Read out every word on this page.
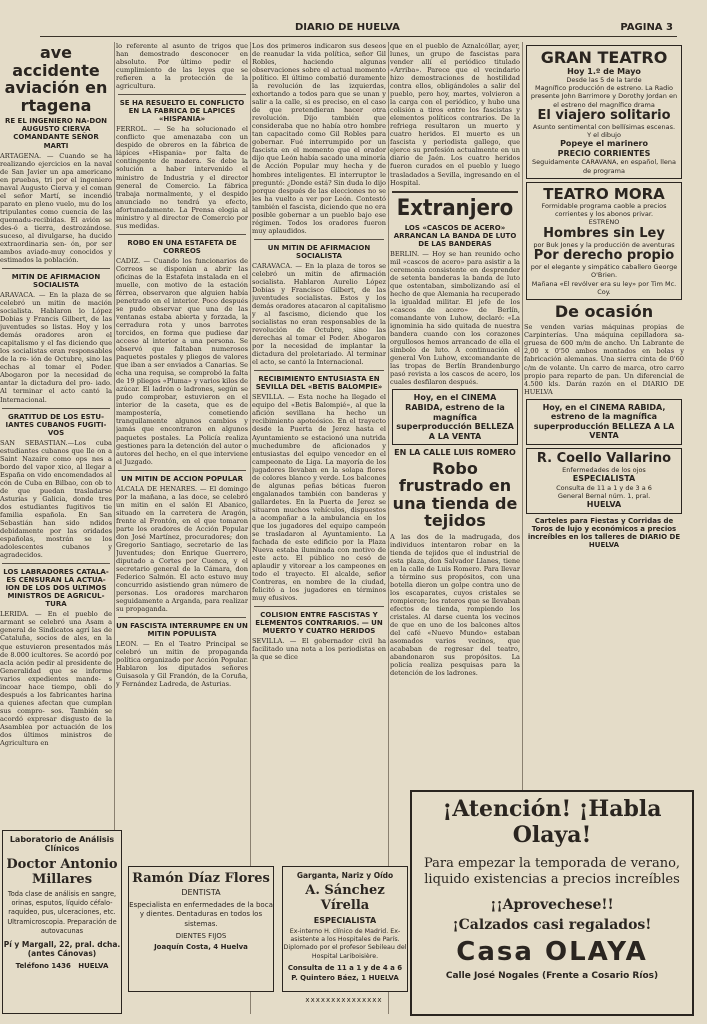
DIARIO DE HUELVA	PAGINA 3
ave accidente aviación en rtagena
RE EL INGENIERO NA-DON AUGUSTO CIERVA COMANDANTE SEÑOR MARTI

ARTAGENA. — Cuando se ha realizando ejercicios en la naval de San Javier un apa americano en pruebas, tri por el ingeniero naval Augusto Cierva y el coman el señor Martí, se incendió parato en pleno vuelo, mu do los tripulantes como cuencia de las quemadu-recibidas. El avión se des-ó a tierra, destrozándose. suceso, al divulgarse, ha ducido extraordinaria sen- ón, por ser ambos aviado-muy conocidos y estimados la población.

MITIN DE AFIRMACION SOCIALISTA

ARAVACA. — En la plaza de se celebró un mitin de mación socialista. Hablaron lo López Dobias y Francis Gilbert, de las juventudes so listas. Hoy y los demás oradores aron el capitalismo y el fas diciendo que los socialistas eran responsables de la re- ión de Octubre, sino las echas al tomar el Poder. Abogaron por la necesidad de antar la dictadura del pro- iado. Al terminar el acto cantó la Internacional.

GRATITUD DE LOS ESTU-IANTES CUBANOS FUGITI-VOS

SAN SEBASTIAN.—Los cuba estudiantes cubanos que lle on a Saint Nazaire como ops nes a bordo del vapor xico, al llegar a España on vido encomendados al cón de Cuba en Bilbao, con ob to de que puedan trasladarse Asturias y Galicia, donde tres dos estudiantes fugitivos tie familia española. En San Sebastián han sido ndidos debidamente por las oridades españolas, mostrán se los adolescentes cubanos y agradecidos.

LOS LABRADORES CATALA-ES CENSURAN LA ACTUA-ION DE LOS DOS ULTIMOS MINISTROS DE AGRICUL-TURA

LERIDA. — En el pueblo de armant se celebró una Asam a general de Sindicatos agrí las de Cataluña, socios de ales, en la que estuvieron presentados más de 8.000 icultores. Se acordó por acla ación pedir al presidente de Generalidad que se informe varios expedientes mande- s incoar hace tiempo, obli do después a los fabricantes harina a quienes afectan que cumplan sus compro- sos. También se acordó expresar disgusto de la Asamblea por actuación de los dos últimos ministros de Agricultura en

lo referente al asunto de trigos que han demostrado desconocer en absoluto. Por último pedir el cumplimiento de las leyes que se refieren a la protección de la agricultura.

SE HA RESUELTO EL CONFLICTO EN LA FABRICA DE LAPICES «HISPANIA»

FERROL. — Se ha solucionado el conflicto que amenazaba con un despido de obreros en la fábrica de lápices «Hispania» por falta de contingente de madera. Se debe la solución a haber intervenido el ministro de Industria y el director general de Comercio. La fábrica trabaja normalmente, y el despido anunciado no tendrá ya efecto, afortunadamente. La Prensa elogia al ministro y al director de Comercio por sus medidas.

ROBO EN UNA ESTAFETA DE CORREOS

CADIZ. — Cuando los funcionarios de Correos se disponían a abrir las oficinas de la Estafeta instalada en el muelle, con motivo de la estación férrea, observaron que alguien había penetrado en el interior. Poco después se pudo observar que una de las ventanas estaba abierta y forzada, la cerradura rota y unos barrotes torcidos, en forma que pudiese dar acceso al interior a una persona. Se observó que faltaban numerosos paquetes postales y pliegos de valores que iban a ser enviados a Canarias. Se echa una requisa, se comprobó la falta de 19 pliegos «Pluma» y varios kilos de azúcar. El ladrón o ladrones, según se pudo comprobar, estuvieron en el interior de la caseta, que es de mampostería, cometiendo tranquilamente algunos cambios y jamás que encontraron en algunos paquetes postales. La Policía realiza gestiones para la detención del autor o autores del hecho, en el que interviene el Juzgado.

UN MITIN DE ACCION POPULAR

ALCALA DE HENARES. — El domingo por la mañana, a las doce, se celebró un mitin en el salón El Abanico, situado en la carretera de Aragón, frente al Frontón, en el que tomaron parte los oradores de Acción Popular don José Martínez, procuradores; don Gregorio Santiago, secretario de las Juventudes; don Enrique Guerrero, diputado a Cortes por Cuenca, y el secretario general de la Cámara, don Federico Salmón. El acto estuvo muy concurrido asistiendo gran número de personas. Los oradores marcharon seguidamente a Arganda, para realizar su propaganda.

UN FASCISTA INTERRUMPE EN UN MITIN POPULISTA

LEON. — En el Teatro Principal se celebró un mitin de propaganda política organizado por Acción Popular. Hablaron los diputados señores Guisasola y Gil Frandón, de la Coruña, y Fernández Ladreda, de Asturias.

Los dos primeros indicaron sus deseos de reanudar la vida política, señor Gil Robles, haciendo algunas observaciones sobre el actual momento político. El último combatió duramente la revolución de las izquierdas, exhortando a todos para que se unan y salir a la calle, si es preciso, en el caso de que pretendieran hacer otra revolución. Dijo también que consideraba que no había otro hombre tan capacitado como Gil Robles para gobernar. Fué interrumpido por un fascista en el momento que el orador dijo que León había sacado una minoría de Acción Popular muy hecha y de hombres inteligentes. El interruptor le preguntó: ¿Donde está? Sin duda lo dijo porque después de las elecciones no se les ha vuelto a ver por León. Contestó también el fascista, diciendo que no era posible gobernar a un pueblo bajo ese régimen. Todos los oradores fueron muy aplaudidos.

UN MITIN DE AFIRMACION SOCIALISTA

CARAVACA. — En la plaza de toros se celebró un mitin de afirmación socialista. Hablaron Aurelio López Dobias y Francisco Gilbert, de las juventudes socialistas. Estos y los demás oradores atacaron al capitalismo y al fascismo, diciendo que los socialistas no eran responsables de la revolución de Octubre, sino las derechas al tomar el Poder. Abogaron por la necesidad de implantar la dictadura del proletariado. Al terminar el acto, se cantó la Internacional.

RECIBIMIENTO ENTUSIASTA EN SEVILLA DEL «BETIS BALOMPIE»

SEVILLA. — Esta noche ha llegado el equipo del «Betis Balompié», al que la afición sevillana ha hecho un recibimiento apoteósico. En el trayecto desde la Puerta de Jerez hasta el Ayuntamiento se estacionó una nutrida muchedumbre de aficionados y entusiastas del equipo vencedor en el campeonato de Liga. La mayoría de los jugadores llevaban en la solapa flores de colores blanco y verde. Los balcones de algunas peñas béticas fueron engalanados también con banderas y gallardetes. En la Puerta de Jerez se situaron muchos vehículos, dispuestos a acompañar a la ambulancia en los que los jugadores del equipo campeón se trasladaron al Ayuntamiento. La fachada de este edificio por la Plaza Nueva estaba iluminada con motivo de este acto. El público no cesó de aplaudir y vitorear a los campeones en todo el trayecto. El alcalde, señor Contreras, en nombre de la ciudad, felicitó a los jugadores en términos muy efusivos.

COLISION ENTRE FASCISTAS Y ELEMENTOS CONTRARIOS. — UN MUERTO Y CUATRO HERIDOS

SEVILLA. — El gobernador civil ha facilitado una nota a los periodistas en la que se dice

que en el pueblo de Aznalcóllar, ayer, lunes, un grupo de fascistas para vender allí el periódico titulado «Arriba». Parece que el vecindario hizo demostraciones de hostilidad contra ellos, obligándoles a salir del pueblo, pero hoy, martes, volvieron a la carga con el periódico, y hubo una colisión a tiros entre los fascistas y elementos políticos contrarios. De la refriega resultaron un muerto y cuatro heridos. El muerto es un fascista y periodista gallego, que ejerce su profesión actualmente en un diario de Jaén. Los cuatro heridos fueron curados en el pueblo y luego trasladados a Sevilla, ingresando en el Hospital.

Extranjero
LOS «CASCOS DE ACERO» ARRANCAN LA BANDA DE LUTO DE LAS BANDERAS

BERLIN. — Hoy se han reunido ocho mil «cascos de acero» para asistir a la ceremonia consistente en desprender de setenta banderas la banda de luto que ostentaban, simbolizando así el hecho de que Alemania ha recuperado la igualdad militar. El jefe de los «cascos de acero» de Berlín, comandante von Luhow, declaró: «La ignominia ha sido quitada de nuestra bandera cuando con los corazones orgullosos hemos arrancado de ella el símbolo de luto. A continuación el general Von Luhow, excomandante de las tropas de Berlín Brandenburgo pasó revista a los cascos de acero, los cuales desfilaron después.

Hoy, en el CINEMA RABIDA, estreno de la magnífica superproducción BELLEZA A LA VENTA
EN LA CALLE LUIS ROMERO
Robo frustrado en una tienda de tejidos

A las dos de la madrugada, dos individuos intentaron robar en la tienda de tejidos que el industrial de esta plaza, don Salvador Llanes, tiene en la calle de Luis Romero. Para llevar a término sus propósitos, con una botella dieron un golpe contra uno de los escaparates, cuyos cristales se rompieron; los rateros que se llevaban efectos de tienda, rompiendo los cristales. Al darse cuenta los vecinos de que en uno de los balcones altos del café «Nuevo Mundo» estaban asomados varios vecinos, que acababan de regresar del teatro, abandonaron sus propósitos. La policía realiza pesquisas para la detención de los ladrones.

GRAN TEATRO
Hoy 1.º de Mayo
Desde las 5 de la tarde
Magnífico producción de estreno. La Radio presente John Barrimore y Dorothy Jordan en el estreno del magnífico drama
El viajero solitario
Asunto sentimental con bellísimas escenas. Y el dibujo
Popeye el marinero
PRECIO CORRIENTES
Seguidamente CARAVANA, en español, llena de programa
TEATRO MORA
Formidable programa caoble a precios corrientes y los abonos privar.
ESTRENO
Hombres sin Ley
por Buk Jones y la producción de aventuras
Por derecho propio
por el elegante y simpático caballero George O'Brien.
Mañana «El revólver era su ley» por Tim Mc. Coy.
De ocasión

Se venden varias máquinas propias de Carpinterías. Una máquina cepilladora sa-gruesa de 600 m/m de ancho. Un Labrante de 2,00 x 0'50 ambos montados en bolas y fabricación alemanas. Una sierra cinta de 0'60 c/m de volante. Un carro de marca, otro carro propio para reparto de pan. Un diferencial de 4.500 kls. Darán razón en el DIARIO DE HUELVA

Hoy, en el CINEMA RABIDA, estreno de la magnífica superproducción BELLEZA A LA VENTA
R. Coello Vallarino
Enfermedades de los ojos
ESPECIALISTA
Consulta de 11 a 1 y de 3 a 6
General Bernal núm. 1, pral.
HUELVA
Carteles para Fiestas y Corridas de Toros de lujo y económicos a precios increíbles en los talleres de DIARIO DE HUELVA
Laboratorio de Análisis Clínicos
Doctor Antonio Millares
Toda clase de análisis en sangre, orinas, esputos, líquido céfalo-raquídeo, pus, ulceraciones, etc. Ultramicroscopia. Preparación de autovacunas
Pí y Margall, 22, pral. dcha. (antes Cánovas)
Teléfono 1436 HUELVA
Ramón Díaz Flores
DENTISTA
Especialista en enfermedades de la boca y dientes. Dentaduras en todos los sistemas.
DIENTES FIJOS
Joaquín Costa, 4 Huelva
Garganta, Nariz y Oído
A. Sánchez Vírella
ESPECIALISTA
Ex-interno H. clínico de Madrid. Ex-asistente a los Hospitales de París. Diplomado por el profesor Sebileau del Hospital Lariboisière.
Consulta de 11 a 1 y de 4 a 6
P. Quintero Báez, 1 HUELVA
xxxxxxxxxxxxxxx
¡Atención! ¡Habla Olaya!
Para empezar la temporada de verano, liquido existencias a precios increíbles
¡¡Aprovechese!!
¡Calzados casi regalados!
Casa OLAYA
Calle José Nogales (Frente a Cosario Ríos)
